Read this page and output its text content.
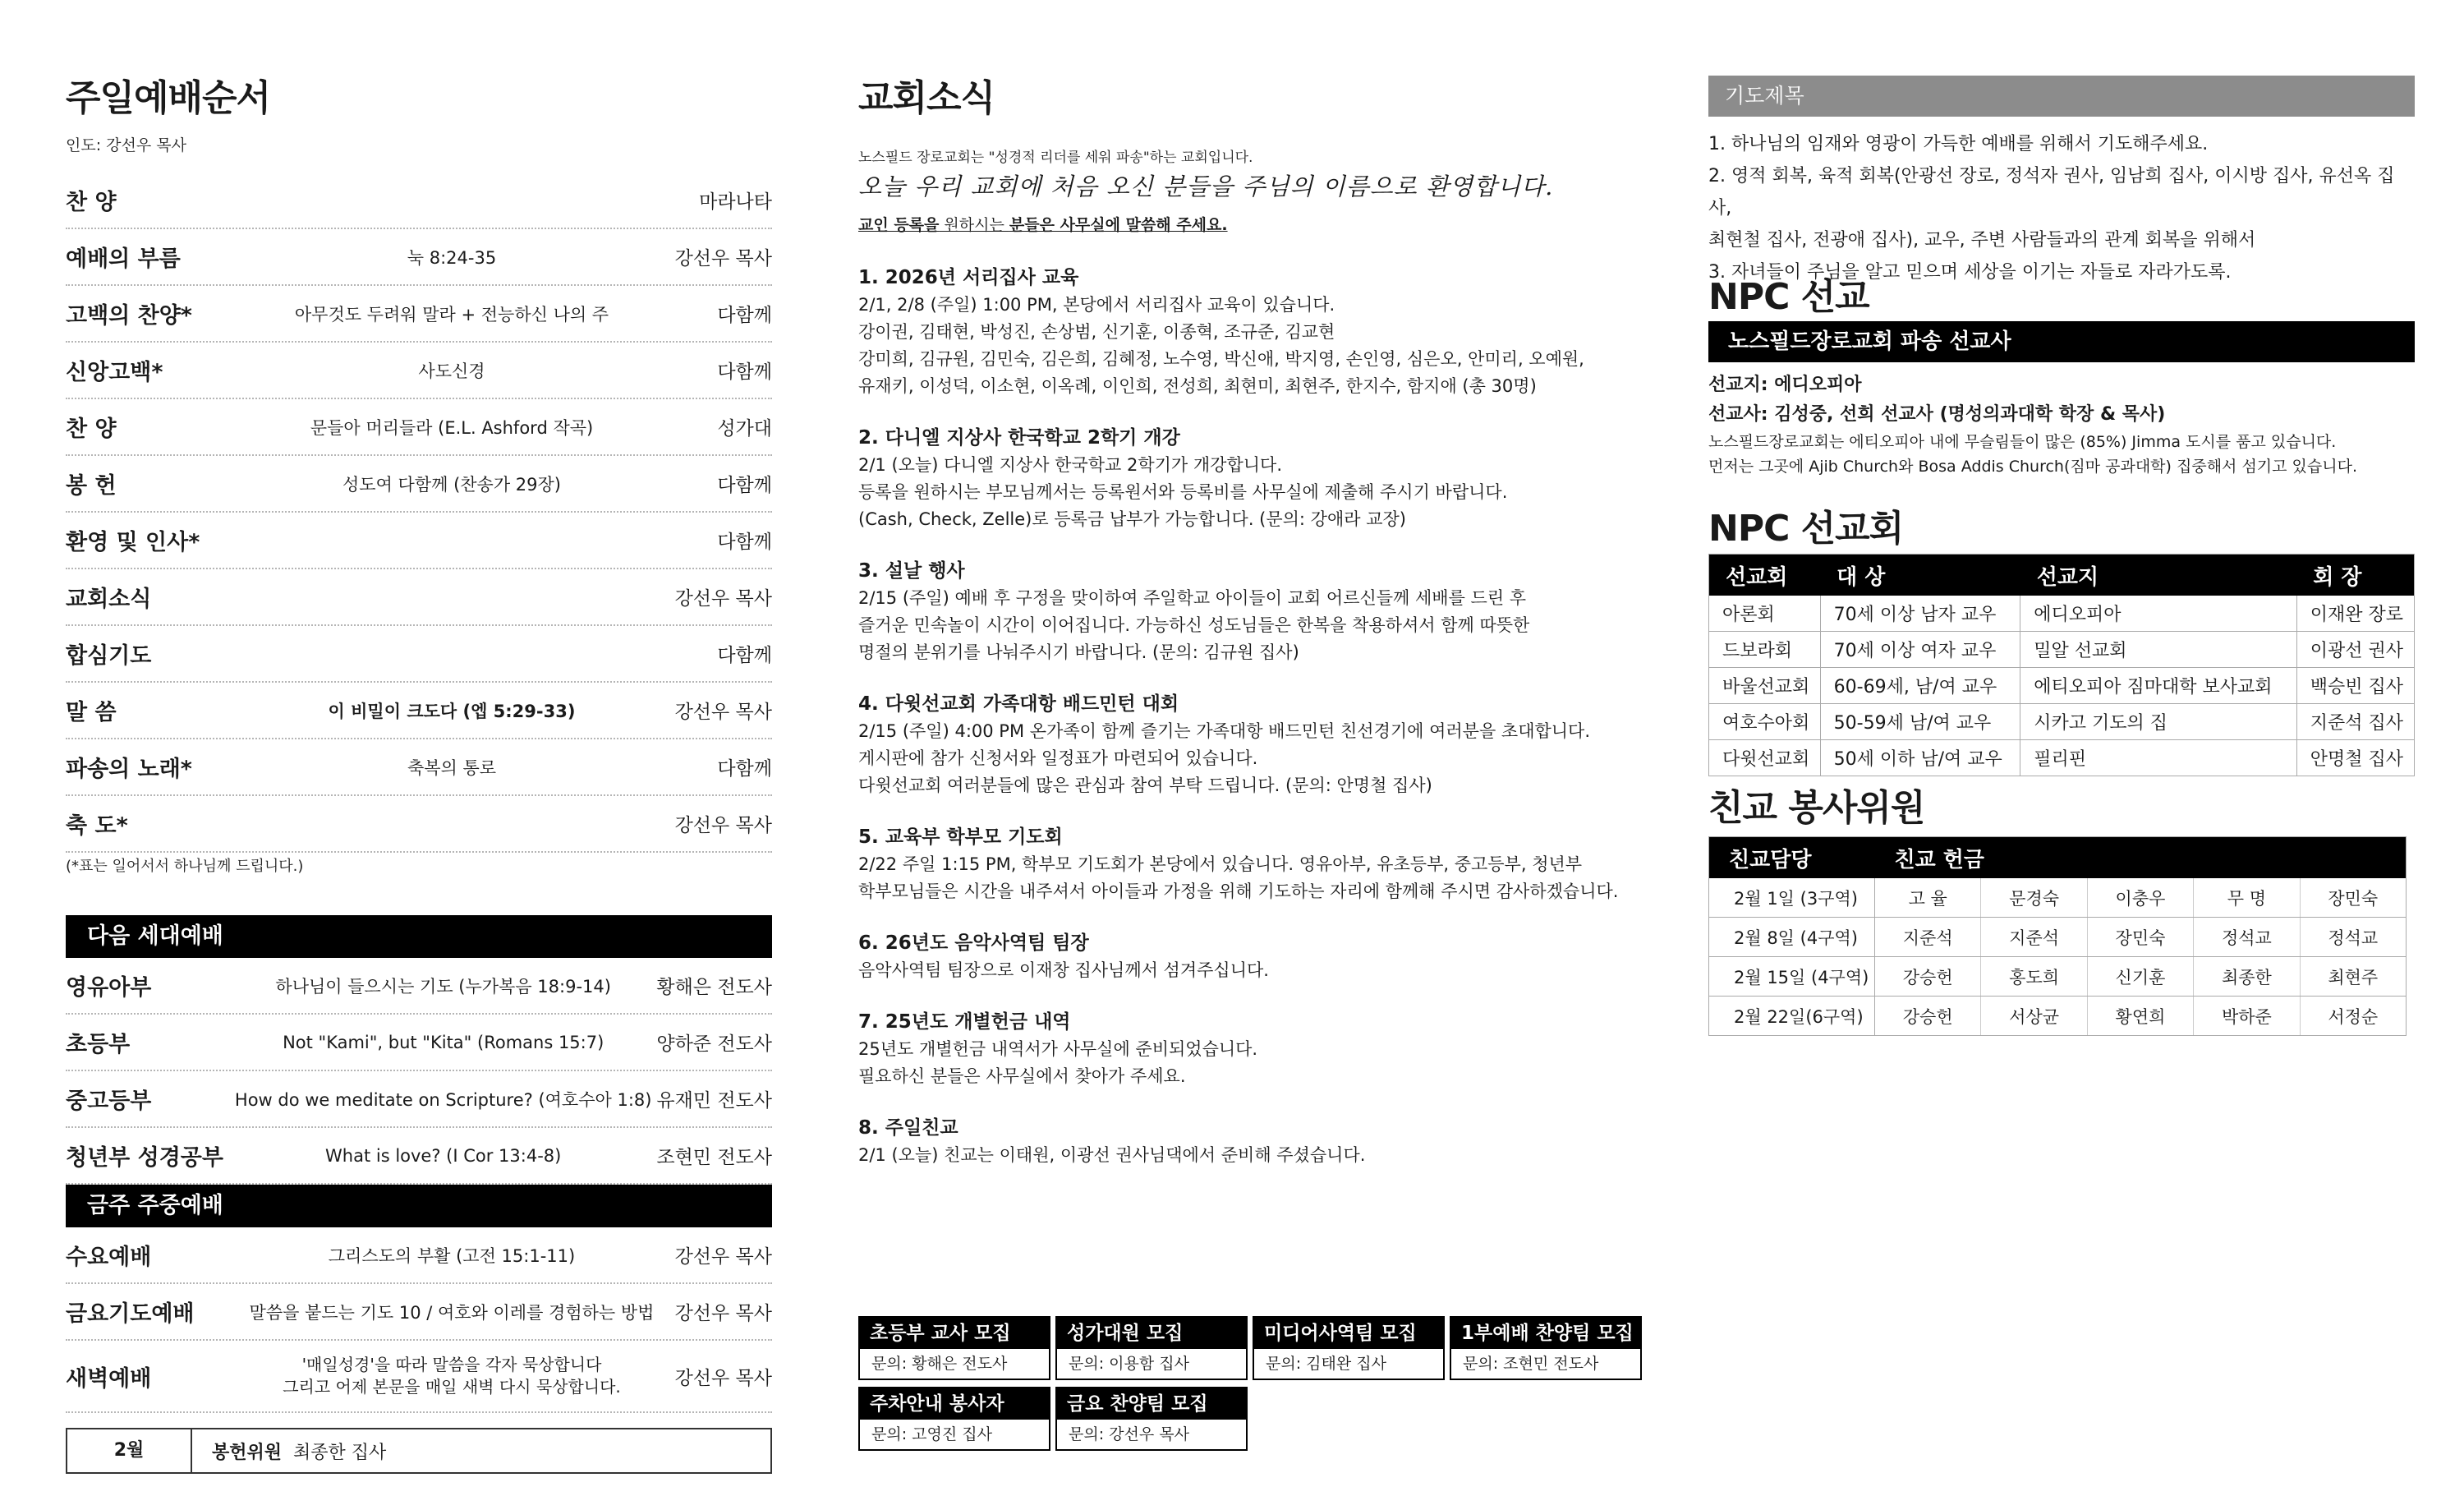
주일예배순서
인도: 강선우 목사
찬 양	마라나타
예배의 부름	눅 8:24-35	강선우 목사
고백의 찬양*	아무것도 두려워 말라 + 전능하신 나의 주	다함께
신앙고백*	사도신경	다함께
찬 양	문들아 머리들라 (E.L. Ashford 작곡)	성가대
봉 헌	성도여 다함께 (찬송가 29장)	다함께
환영 및 인사*	다함께
교회소식	강선우 목사
합심기도	다함께
말 씀	이 비밀이 크도다 (엡 5:29-33)	강선우 목사
파송의 노래*	축복의 통로	다함께
축 도*	강선우 목사
(*표는 일어서서 하나님께 드립니다.)
다음 세대예배
영유아부	하나님이 들으시는 기도 (누가복음 18:9-14)	황해은 전도사
초등부	Not "Kami", but "Kita" (Romans 15:7)	양하준 전도사
중고등부	How do we meditate on Scripture? (여호수아 1:8) 유재민 전도사
청년부 성경공부	What is love? (I Cor 13:4-8)	조현민 전도사
금주 주중예배
수요예배	그리스도의 부활 (고전 15:1-11)	강선우 목사
금요기도예배	말씀을 붙드는 기도 10 / 여호와 이레를 경험하는 방법	강선우 목사
새벽예배
'매일성경'을 따라 말씀을 각자 묵상합니다
그리고 어제 본문을 매일 새벽 다시 묵상합니다.	강선우 목사
2월	봉헌위원 최종한 집사
교회소식
노스필드 장로교회는 "성경적 리더를 세워 파송"하는 교회입니다.
오늘 우리 교회에 처음 오신 분들을 주님의 이름으로 환영합니다.
교인 등록을 원하시는 분들은 사무실에 말씀해 주세요.
1. 2026년 서리집사 교육
2/1, 2/8 (주일) 1:00 PM, 본당에서 서리집사 교육이 있습니다.
강이권, 김태현, 박성진, 손상범, 신기훈, 이종혁, 조규준, 김교현
강미희, 김규원, 김민숙, 김은희, 김혜정, 노수영, 박신애, 박지영, 손인영, 심은오, 안미리, 오예원,
유재키, 이성덕, 이소현, 이옥례, 이인희, 전성희, 최현미, 최현주, 한지수, 함지애 (총 30명)
2. 다니엘 지상사 한국학교 2학기 개강
2/1 (오늘) 다니엘 지상사 한국학교 2학기가 개강합니다.
등록을 원하시는 부모님께서는 등록원서와 등록비를 사무실에 제출해 주시기 바랍니다.
(Cash, Check, Zelle)로 등록금 납부가 가능합니다. (문의: 강애라 교장)
3. 설날 행사
2/15 (주일) 예배 후 구정을 맞이하여 주일학교 아이들이 교회 어르신들께 세배를 드린 후
즐거운 민속놀이 시간이 이어집니다. 가능하신 성도님들은 한복을 착용하셔서 함께 따뜻한
명절의 분위기를 나눠주시기 바랍니다. (문의: 김규원 집사)
4. 다윗선교회 가족대항 배드민턴 대회
2/15 (주일) 4:00 PM 온가족이 함께 즐기는 가족대항 배드민턴 친선경기에 여러분을 초대합니다.
게시판에 참가 신청서와 일정표가 마련되어 있습니다.
다윗선교회 여러분들에 많은 관심과 참여 부탁 드립니다. (문의: 안명철 집사)
5. 교육부 학부모 기도회
2/22 주일 1:15 PM, 학부모 기도회가 본당에서 있습니다. 영유아부, 유초등부, 중고등부, 청년부
학부모님들은 시간을 내주셔서 아이들과 가정을 위해 기도하는 자리에 함께해 주시면 감사하겠습니다.
6. 26년도 음악사역팀 팀장
음악사역팀 팀장으로 이재창 집사님께서 섬겨주십니다.
7. 25년도 개별헌금 내역
25년도 개별헌금 내역서가 사무실에 준비되었습니다.
필요하신 분들은 사무실에서 찾아가 주세요.
8. 주일친교
2/1 (오늘) 친교는 이태원, 이광선 권사님댁에서 준비해 주셨습니다.
초등부 교사 모집
문의: 황해은 전도사
성가대원 모집
문의: 이용함 집사
미디어사역팀 모집
문의: 김태완 집사
1부예배 찬양팀 모집
문의: 조현민 전도사
주차안내 봉사자
문의: 고영진 집사
금요 찬양팀 모집
문의: 강선우 목사
기도제목
1. 하나님의 임재와 영광이 가득한 예배를 위해서 기도해주세요.
2. 영적 회복, 육적 회복(안광선 장로, 정석자 권사, 임남희 집사, 이시방 집사, 유선옥 집사,
최현철 집사, 전광애 집사), 교우, 주변 사람들과의 관계 회복을 위해서
3. 자녀들이 주님을 알고 믿으며 세상을 이기는 자들로 자라가도록.
NPC 선교
노스필드장로교회 파송 선교사
선교지: 에디오피아
선교사: 김성중, 선희 선교사 (명성의과대학 학장 & 목사)
노스필드장로교회는 에티오피아 내에 무슬림들이 많은 (85%) Jimma 도시를 품고 있습니다.
먼저는 그곳에 Ajib Church와 Bosa Addis Church(짐마 공과대학) 집중해서 섬기고 있습니다.
NPC 선교회
선교회	대 상	선교지	회 장
아론회	70세 이상 남자 교우	에디오피아	이재완 장로
드보라회	70세 이상 여자 교우	밀알 선교회	이광선 권사
바울선교회	60-69세, 남/여 교우	에티오피아 짐마대학 보사교회	백승빈 집사
여호수아회	50-59세 남/여 교우	시카고 기도의 집	지준석 집사
다윗선교회	50세 이하 남/여 교우	필리핀	안명철 집사
친교 봉사위원
친교담당	친교 헌금				
2월 1일 (3구역)	고 율	문경숙	이충우	무 명	장민숙
2월 8일 (4구역)	지준석	지준석	장민숙	정석교	정석교
2월 15일 (4구역)	강승헌	홍도희	신기훈	최종한	최현주
2월 22일(6구역)	강승헌	서상균	황연희	박하준	서정순
